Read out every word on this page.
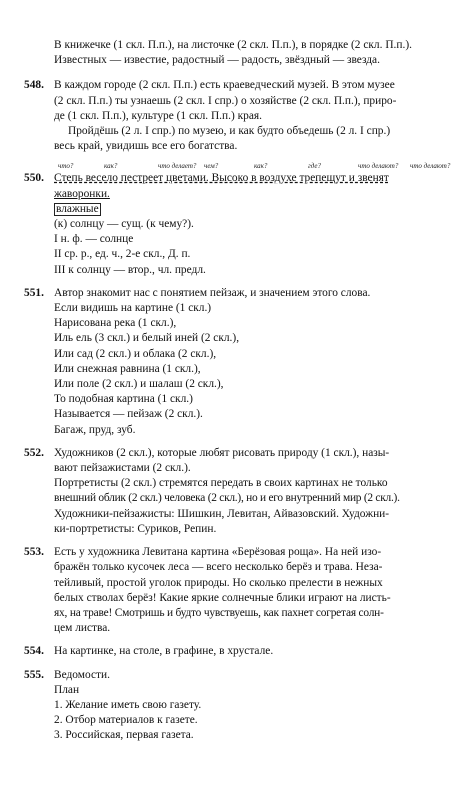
В книжечке (1 скл. П.п.), на листочке (2 скл. П.п.), в порядке (2 скл. П.п.).
Известных — известие, радостный — радость, звёздный — звезда.
548. В каждом городе (2 скл. П.п.) есть краеведческий музей. В этом музее
(2 скл. П.п.) ты узнаешь (2 скл. I спр.) о хозяйстве (2 скл. П.п.), приро-
де (1 скл. П.п.), культуре (1 скл. П.п.) края.
Пройдёшь (2 л. I спр.) по музею, и как будто объедешь (2 л. I спр.)
весь край, увидишь все его богатства.
550.
что?	как?	что делает? чем?	как?	где?	что делают? что делают?
Степь весело пестреет цветами. Высоко в воздухе трепещут и звенят
жаворонки.
влажные
(к) солнцу — сущ. (к чему?).
I н. ф. — солнце
II ср. р., ед. ч., 2-е скл., Д. п.
III к солнцу — втор., чл. предл.
551. Автор знакомит нас с понятием пейзаж, и значением этого слова.
Если видишь на картине (1 скл.)
Нарисована река (1 скл.),
Иль ель (3 скл.) и белый иней (2 скл.),
Или сад (2 скл.) и облака (2 скл.),
Или снежная равнина (1 скл.),
Или поле (2 скл.) и шалаш (2 скл.),
То подобная картина (1 скл.)
Называется — пейзаж (2 скл.).
Багаж, пруд, зуб.
552. Художников (2 скл.), которые любят рисовать природу (1 скл.), назы-
вают пейзажистами (2 скл.).
Портретисты (2 скл.) стремятся передать в своих картинах не только
внешний облик (2 скл.) человека (2 скл.), но и его внутренний мир (2 скл.).
Художники-пейзажисты: Шишкин, Левитан, Айвазовский. Художни-
ки-портретисты: Суриков, Репин.
553. Есть у художника Левитана картина «Берёзовая роща». На ней изо-
бражён только кусочек леса — всего несколько берёз и трава. Неза-
тейливый, простой уголок природы. Но сколько прелести в нежных
белых стволах берёз! Какие яркие солнечные блики играют на листь-
ях, на траве! Смотришь и будто чувствуешь, как пахнет согретая солн-
цем листва.
554. На картинке, на столе, в графине, в хрустале.
555. Ведомости.
План
1. Желание иметь свою газету.
2. Отбор материалов к газете.
3. Российская, первая газета.
